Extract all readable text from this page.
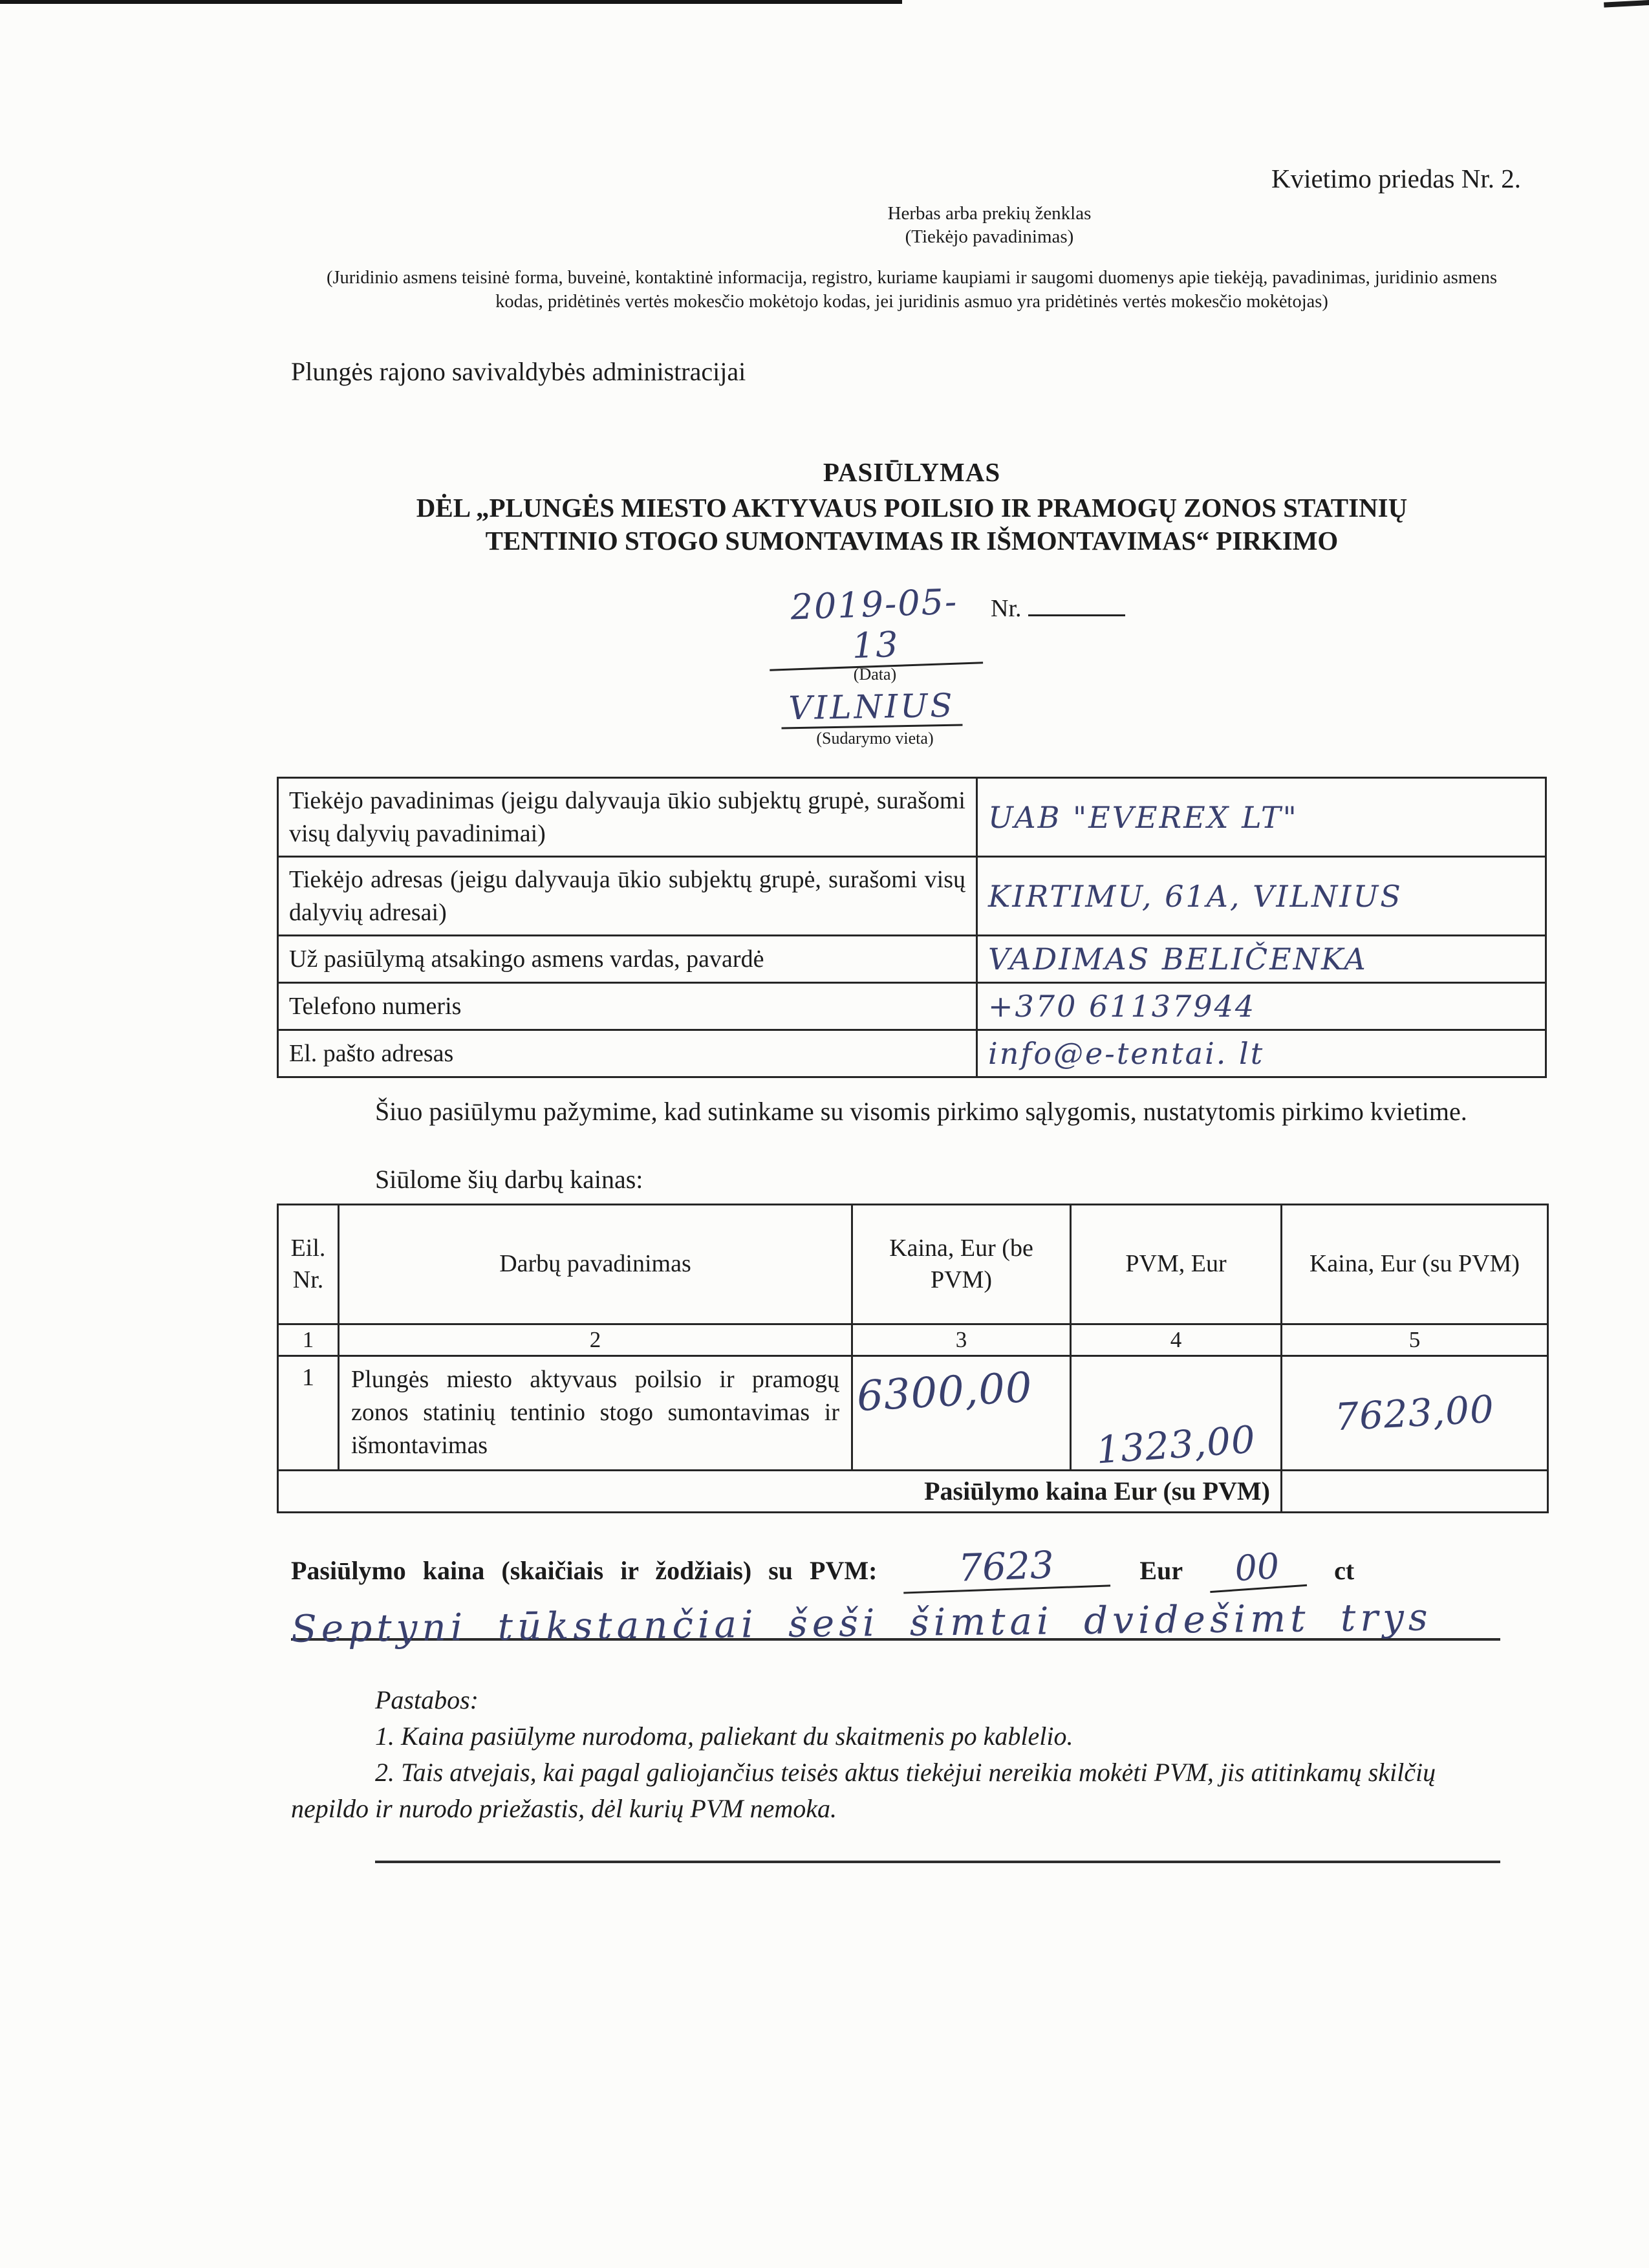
Kvietimo priedas Nr. 2.
Herbas arba prekių ženklas
(Tiekėjo pavadinimas)
(Juridinio asmens teisinė forma, buveinė, kontaktinė informacija, registro, kuriame kaupiami ir saugomi duomenys apie tiekėją, pavadinimas, juridinio asmens kodas, pridėtinės vertės mokesčio mokėtojo kodas, jei juridinis asmuo yra pridėtinės vertės mokesčio mokėtojas)
Plungės rajono savivaldybės administracijai
PASIŪLYMAS
DĖL „PLUNGĖS MIESTO AKTYVAUS POILSIO IR PRAMOGŲ ZONOS STATINIŲ
TENTINIO STOGO SUMONTAVIMAS IR IŠMONTAVIMAS“ PIRKIMO
2019-05-13
Nr.
(Data)
VILNIUS
(Sudarymo vieta)
Tiekėjo pavadinimas (jeigu dalyvauja ūkio subjektų grupė, surašomi visų dalyvių pavadinimai)	UAB "EVEREX LT"
Tiekėjo adresas (jeigu dalyvauja ūkio subjektų grupė, surašomi visų dalyvių adresai)	KIRTIMU, 61A, VILNIUS
Už pasiūlymą atsakingo asmens vardas, pavardė	VADIMAS BELIČENKA
Telefono numeris	+370 61137944
El. pašto adresas	info@e-tentai. lt
Šiuo pasiūlymu pažymime, kad sutinkame su visomis pirkimo sąlygomis, nustatytomis pirkimo kvietime.
Siūlome šių darbų kainas:
Eil. Nr.	Darbų pavadinimas	Kaina, Eur (be PVM)	PVM, Eur	Kaina, Eur (su PVM)
1	2	3	4	5
1	Plungės miesto aktyvaus poilsio ir pramogų zonos statinių tentinio stogo sumontavimas ir išmontavimas	6300,00	1323,00	7623,00
Pasiūlymo kaina Eur (su PVM)				
Pasiūlymo kaina (skaičiais ir žodžiais) su PVM:	7623	Eur	00	ct
Septyni tūkstančiai šeši šimtai dvidešimt trys
Pastabos:
1. Kaina pasiūlyme nurodoma, paliekant du skaitmenis po kablelio.
2. Tais atvejais, kai pagal galiojančius teisės aktus tiekėjui nereikia mokėti PVM, jis atitinkamų skilčių nepildo ir nurodo priežastis, dėl kurių PVM nemoka.
